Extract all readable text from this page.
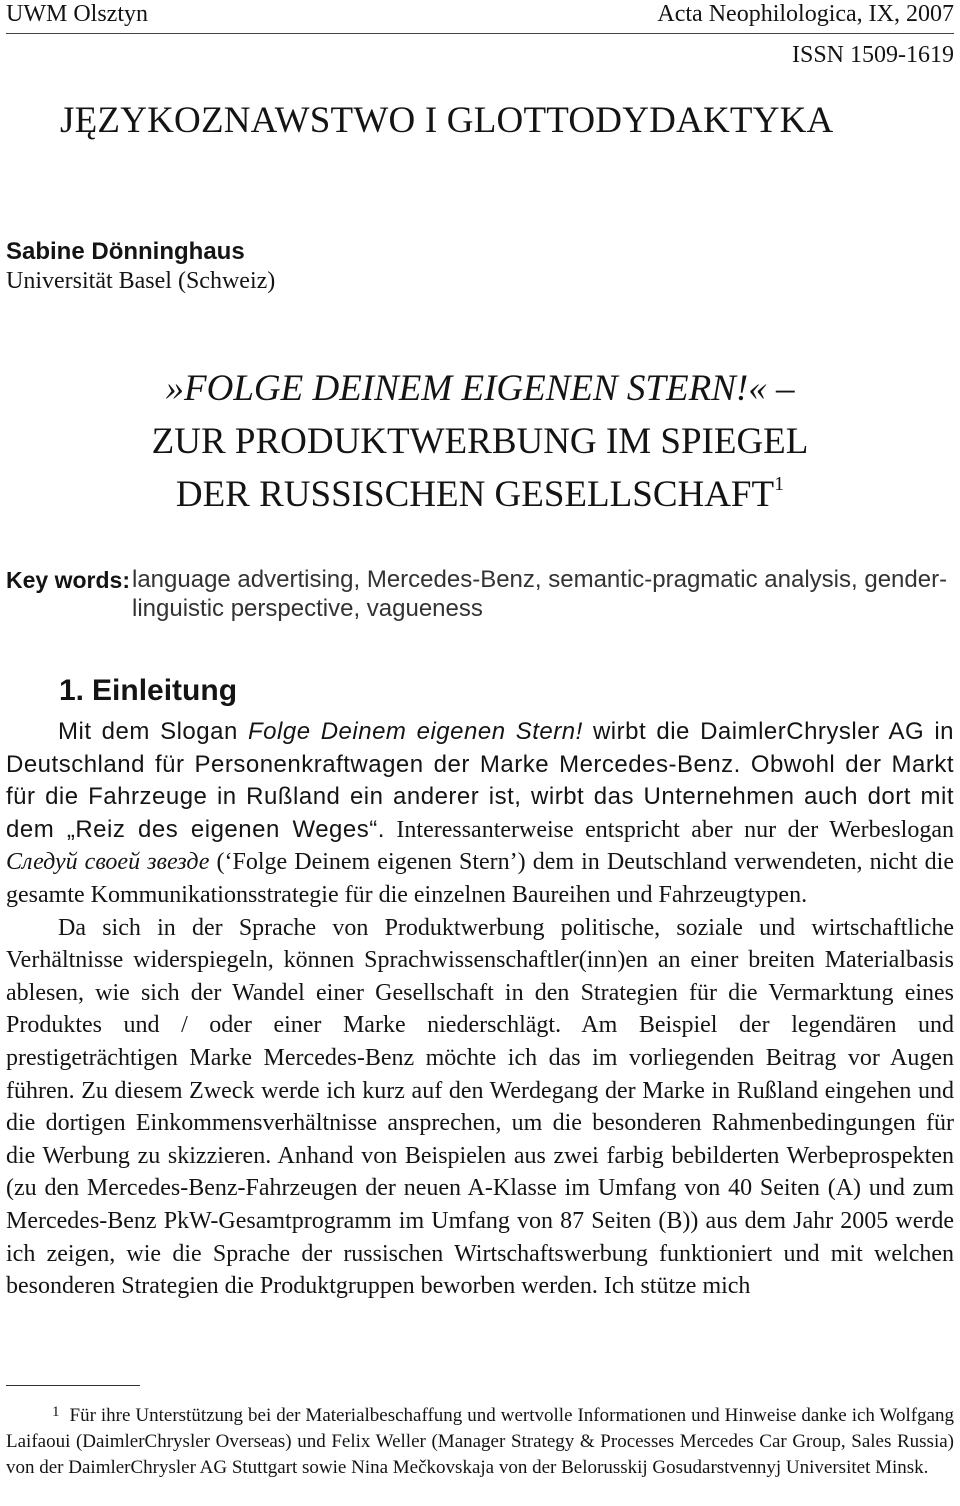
UWM Olsztyn	Acta Neophilologica, IX, 2007
ISSN 1509-1619
JĘZYKOZNAWSTWO I GLOTTODYDAKTYKA
Sabine Dönninghaus
Universität Basel (Schweiz)
»FOLGE DEINEM EIGENEN STERN!« –
ZUR PRODUKTWERBUNG IM SPIEGEL
DER RUSSISCHEN GESELLSCHAFT$^1$
Key words: language advertising, Mercedes-Benz, semantic-pragmatic analysis, gender-linguistic perspective, vagueness
1. Einleitung

Mit dem Slogan Folge Deinem eigenen Stern! wirbt die DaimlerChrysler AG in Deutschland für Personenkraftwagen der Marke Mercedes-Benz. Obwohl der Markt für die Fahrzeuge in Rußland ein anderer ist, wirbt das Unternehmen auch dort mit dem „Reiz des eigenen Weges“. Interessanterweise entspricht aber nur der Werbeslogan Следуй своей звезде (‘Folge Deinem eigenen Stern’) dem in Deutschland verwendeten, nicht die gesamte Kommunikationsstrategie für die einzelnen Baureihen und Fahrzeugtypen.

Da sich in der Sprache von Produktwerbung politische, soziale und wirtschaftliche Verhältnisse widerspiegeln, können Sprachwissenschaftler(inn)en an einer breiten Materialbasis ablesen, wie sich der Wandel einer Gesellschaft in den Strategien für die Vermarktung eines Produktes und / oder einer Marke niederschlägt. Am Beispiel der legendären und prestigeträchtigen Marke Mercedes-Benz möchte ich das im vorliegenden Beitrag vor Augen führen. Zu diesem Zweck werde ich kurz auf den Werdegang der Marke in Rußland eingehen und die dortigen Einkommensverhältnisse ansprechen, um die besonderen Rahmenbedingungen für die Werbung zu skizzieren. Anhand von Beispielen aus zwei farbig bebilderten Werbeprospekten (zu den Mercedes-Benz-Fahrzeugen der neuen A-Klasse im Umfang von 40 Seiten (A) und zum Mercedes-Benz PkW-Gesamtprogramm im Umfang von 87 Seiten (B)) aus dem Jahr 2005 werde ich zeigen, wie die Sprache der russischen Wirtschaftswerbung funktioniert und mit welchen besonderen Strategien die Produktgruppen beworben werden. Ich stütze mich

$^1$ Für ihre Unterstützung bei der Materialbeschaffung und wertvolle Informationen und Hinweise danke ich Wolfgang Laifaoui (DaimlerChrysler Overseas) und Felix Weller (Manager Strategy & Processes Mercedes Car Group, Sales Russia) von der DaimlerChrysler AG Stuttgart sowie Nina Mečkovskaja von der Belorusskij Gosudarstvennyj Universitet Minsk.
